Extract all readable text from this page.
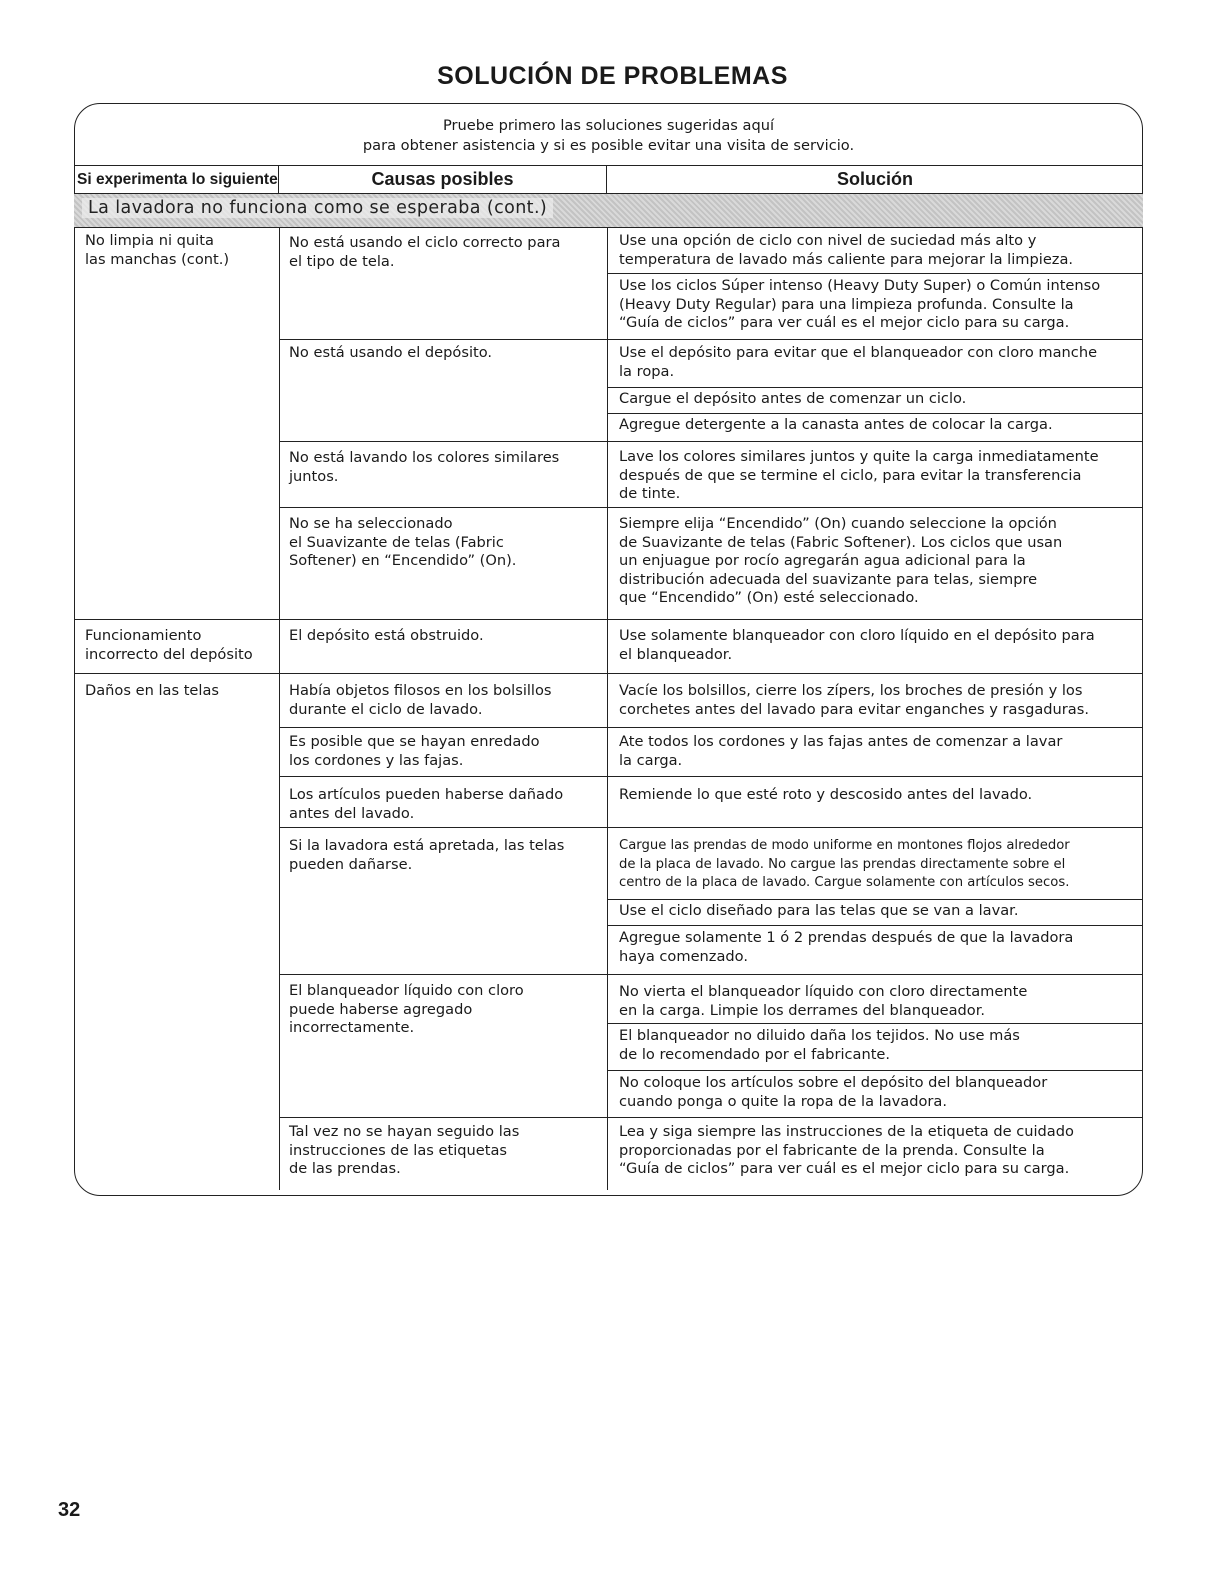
SOLUCIÓN DE PROBLEMAS
Pruebe primero las soluciones sugeridas aquí
para obtener asistencia y si es posible evitar una visita de servicio.
Si experimenta lo siguiente	Causas posibles	Solución
La lavadora no funciona como se esperaba (cont.)
No limpia ni quita
las manchas (cont.)
Funcionamiento
incorrecto del depósito
Daños en las telas
No está usando el ciclo correcto para
el tipo de tela.
No está usando el depósito.
No está lavando los colores similares
juntos.
No se ha seleccionado
el Suavizante de telas (Fabric
Softener) en “Encendido” (On).
El depósito está obstruido.
Había objetos filosos en los bolsillos
durante el ciclo de lavado.
Es posible que se hayan enredado
los cordones y las fajas.
Los artículos pueden haberse dañado
antes del lavado.
Si la lavadora está apretada, las telas
pueden dañarse.
El blanqueador líquido con cloro
puede haberse agregado
incorrectamente.
Tal vez no se hayan seguido las
instrucciones de las etiquetas
de las prendas.
Use una opción de ciclo con nivel de suciedad más alto y
temperatura de lavado más caliente para mejorar la limpieza.
Use los ciclos Súper intenso (Heavy Duty Super) o Común intenso
(Heavy Duty Regular) para una limpieza profunda. Consulte la
“Guía de ciclos” para ver cuál es el mejor ciclo para su carga.
Use el depósito para evitar que el blanqueador con cloro manche
la ropa.
Cargue el depósito antes de comenzar un ciclo.
Agregue detergente a la canasta antes de colocar la carga.
Lave los colores similares juntos y quite la carga inmediatamente
después de que se termine el ciclo, para evitar la transferencia
de tinte.
Siempre elija “Encendido” (On) cuando seleccione la opción
de Suavizante de telas (Fabric Softener). Los ciclos que usan
un enjuague por rocío agregarán agua adicional para la
distribución adecuada del suavizante para telas, siempre
que “Encendido” (On) esté seleccionado.
Use solamente blanqueador con cloro líquido en el depósito para
el blanqueador.
Vacíe los bolsillos, cierre los zípers, los broches de presión y los
corchetes antes del lavado para evitar enganches y rasgaduras.
Ate todos los cordones y las fajas antes de comenzar a lavar
la carga.
Remiende lo que esté roto y descosido antes del lavado.
Cargue las prendas de modo uniforme en montones flojos alrededor
de la placa de lavado. No cargue las prendas directamente sobre el
centro de la placa de lavado. Cargue solamente con artículos secos.
Use el ciclo diseñado para las telas que se van a lavar.
Agregue solamente 1 ó 2 prendas después de que la lavadora
haya comenzado.
No vierta el blanqueador líquido con cloro directamente
en la carga. Limpie los derrames del blanqueador.
El blanqueador no diluido daña los tejidos. No use más
de lo recomendado por el fabricante.
No coloque los artículos sobre el depósito del blanqueador
cuando ponga o quite la ropa de la lavadora.
Lea y siga siempre las instrucciones de la etiqueta de cuidado
proporcionadas por el fabricante de la prenda. Consulte la
“Guía de ciclos” para ver cuál es el mejor ciclo para su carga.
32
